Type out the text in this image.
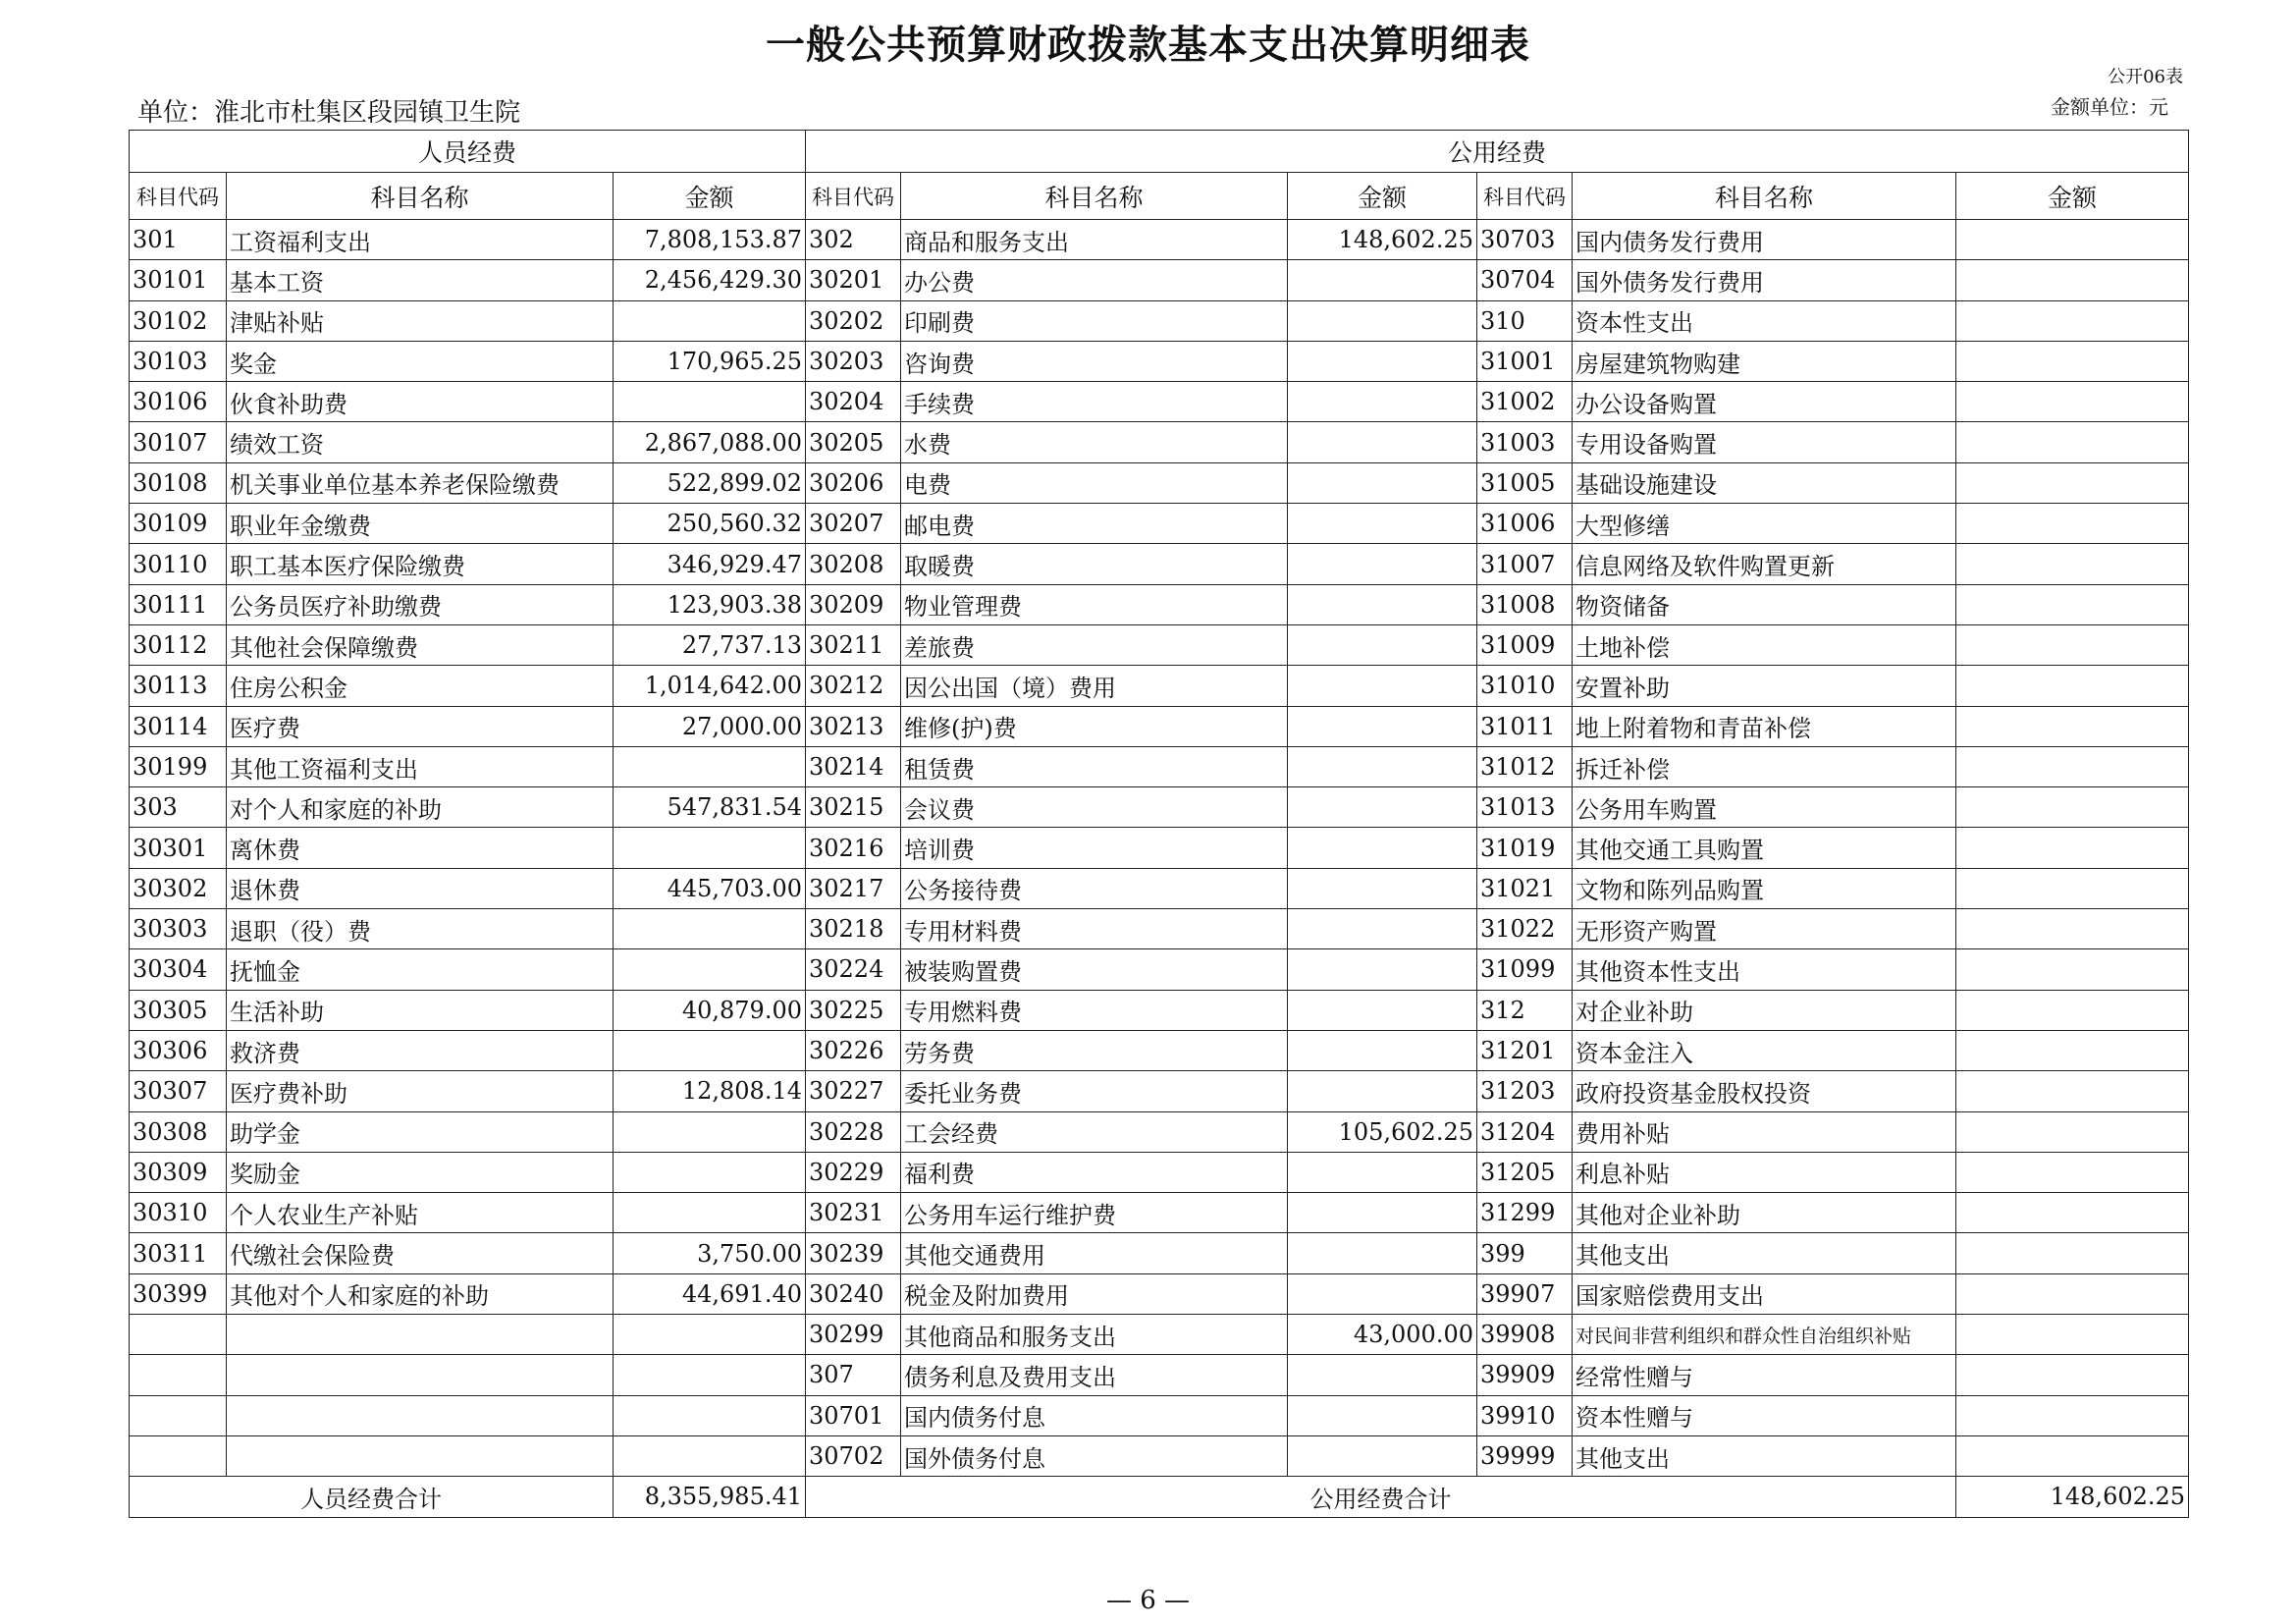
一般公共预算财政拨款基本支出决算明细表
公开06表
单位：淮北市杜集区段园镇卫生院	金额单位：元
人员经费			公用经费					
科目代码	科目名称	金额	科目代码	科目名称	金额	科目代码	科目名称	金额
301	工资福利支出	7,808,153.87	302	商品和服务支出	148,602.25	30703	国内债务发行费用	
30101	基本工资	2,456,429.30	30201	办公费		30704	国外债务发行费用	
30102	津贴补贴		30202	印刷费		310	资本性支出	
30103	奖金	170,965.25	30203	咨询费		31001	房屋建筑物购建	
30106	伙食补助费		30204	手续费		31002	办公设备购置	
30107	绩效工资	2,867,088.00	30205	水费		31003	专用设备购置	
30108	机关事业单位基本养老保险缴费	522,899.02	30206	电费		31005	基础设施建设	
30109	职业年金缴费	250,560.32	30207	邮电费		31006	大型修缮	
30110	职工基本医疗保险缴费	346,929.47	30208	取暖费		31007	信息网络及软件购置更新	
30111	公务员医疗补助缴费	123,903.38	30209	物业管理费		31008	物资储备	
30112	其他社会保障缴费	27,737.13	30211	差旅费		31009	土地补偿	
30113	住房公积金	1,014,642.00	30212	因公出国（境）费用		31010	安置补助	
30114	医疗费	27,000.00	30213	维修(护)费		31011	地上附着物和青苗补偿	
30199	其他工资福利支出		30214	租赁费		31012	拆迁补偿	
303	对个人和家庭的补助	547,831.54	30215	会议费		31013	公务用车购置	
30301	离休费		30216	培训费		31019	其他交通工具购置	
30302	退休费	445,703.00	30217	公务接待费		31021	文物和陈列品购置	
30303	退职（役）费		30218	专用材料费		31022	无形资产购置	
30304	抚恤金		30224	被装购置费		31099	其他资本性支出	
30305	生活补助	40,879.00	30225	专用燃料费		312	对企业补助	
30306	救济费		30226	劳务费		31201	资本金注入	
30307	医疗费补助	12,808.14	30227	委托业务费		31203	政府投资基金股权投资	
30308	助学金		30228	工会经费	105,602.25	31204	费用补贴	
30309	奖励金		30229	福利费		31205	利息补贴	
30310	个人农业生产补贴		30231	公务用车运行维护费		31299	其他对企业补助	
30311	代缴社会保险费	3,750.00	30239	其他交通费用		399	其他支出	
30399	其他对个人和家庭的补助	44,691.40	30240	税金及附加费用		39907	国家赔偿费用支出	
			30299	其他商品和服务支出	43,000.00	39908	对民间非营利组织和群众性自治组织补贴	
			307	债务利息及费用支出		39909	经常性赠与	
			30701	国内债务付息		39910	资本性赠与	
			30702	国外债务付息		39999	其他支出	
人员经费合计		8,355,985.41	公用经费合计					148,602.25
— 6 —
